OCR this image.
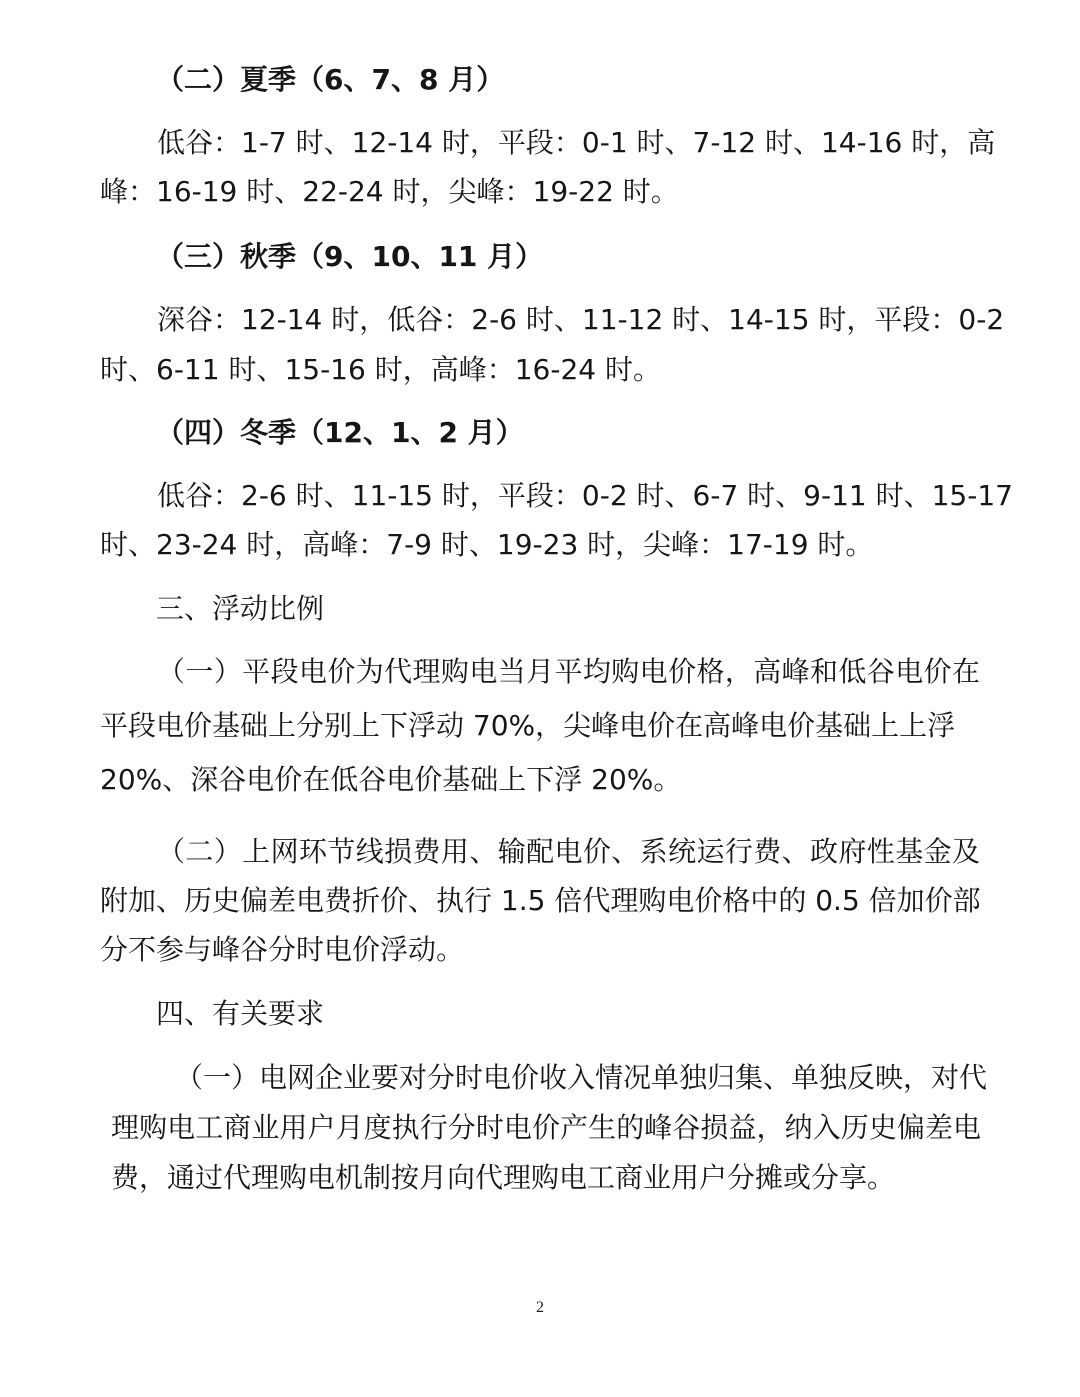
（二）夏季（6、7、8 月）
低谷：1-7 时、12-14 时，平段：0-1 时、7-12 时、14-16 时，高
峰：16-19 时、22-24 时，尖峰：19-22 时。
（三）秋季（9、10、11 月）
深谷：12-14 时，低谷：2-6 时、11-12 时、14-15 时，平段：0-2
时、6-11 时、15-16 时，高峰：16-24 时。
（四）冬季（12、1、2 月）
低谷：2-6 时、11-15 时，平段：0-2 时、6-7 时、9-11 时、15-17
时、23-24 时，高峰：7-9 时、19-23 时，尖峰：17-19 时。
三、浮动比例
（一）平段电价为代理购电当月平均购电价格，高峰和低谷电价在
平段电价基础上分别上下浮动 70%，尖峰电价在高峰电价基础上上浮
20%、深谷电价在低谷电价基础上下浮 20%。
（二）上网环节线损费用、输配电价、系统运行费、政府性基金及
附加、历史偏差电费折价、执行 1.5 倍代理购电价格中的 0.5 倍加价部
分不参与峰谷分时电价浮动。
四、有关要求
（一）电网企业要对分时电价收入情况单独归集、单独反映，对代
理购电工商业用户月度执行分时电价产生的峰谷损益，纳入历史偏差电
费，通过代理购电机制按月向代理购电工商业用户分摊或分享。
2
